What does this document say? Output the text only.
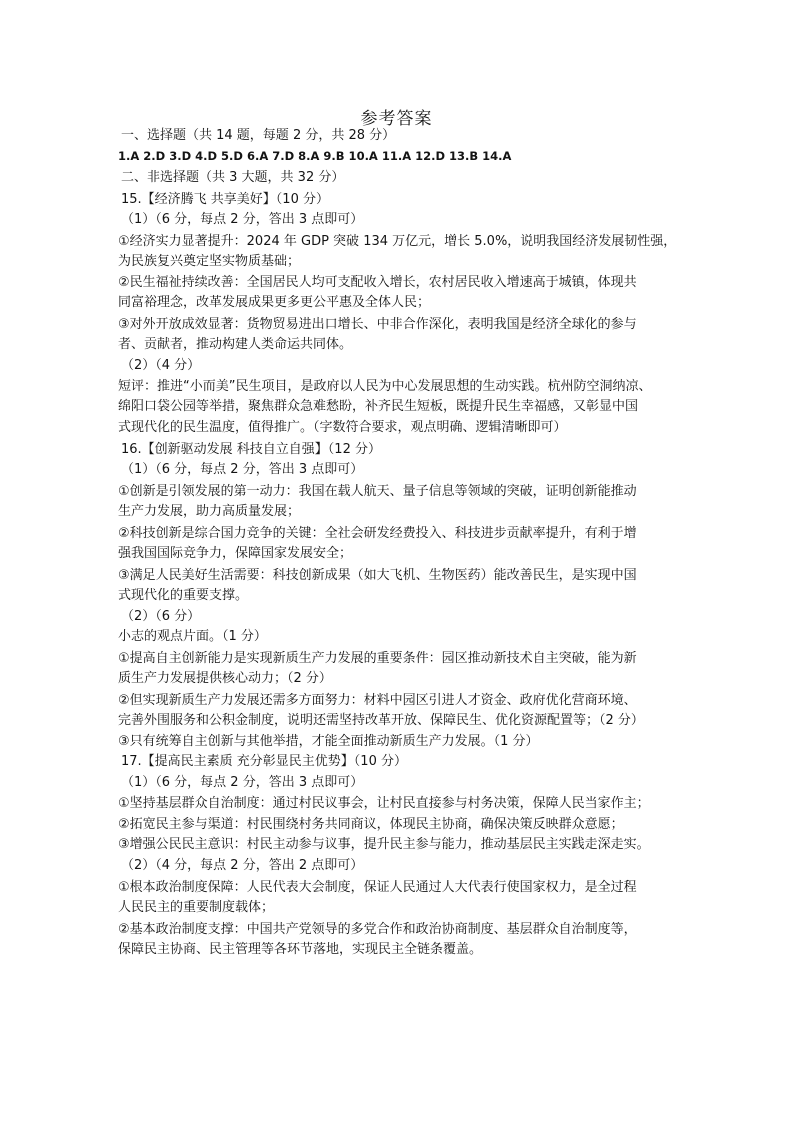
参考答案
一、选择题（共 14 题，每题 2 分，共 28 分）
1.A 2.D 3.D 4.D 5.D 6.A 7.D 8.A 9.B 10.A 11.A 12.D 13.B 14.A
二、非选择题（共 3 大题，共 32 分）
15.【经济腾飞 共享美好】（10 分）
（1）（6 分，每点 2 分，答出 3 点即可）
①经济实力显著提升：2024 年 GDP 突破 134 万亿元，增长 5.0%，说明我国经济发展韧性强，
为民族复兴奠定坚实物质基础；
②民生福祉持续改善：全国居民人均可支配收入增长，农村居民收入增速高于城镇，体现共
同富裕理念，改革发展成果更多更公平惠及全体人民；
③对外开放成效显著：货物贸易进出口增长、中非合作深化，表明我国是经济全球化的参与
者、贡献者，推动构建人类命运共同体。
（2）（4 分）
短评：推进“小而美”民生项目，是政府以人民为中心发展思想的生动实践。杭州防空洞纳凉、
绵阳口袋公园等举措，聚焦群众急难愁盼，补齐民生短板，既提升民生幸福感，又彰显中国
式现代化的民生温度，值得推广。（字数符合要求，观点明确、逻辑清晰即可）
16.【创新驱动发展 科技自立自强】（12 分）
（1）（6 分，每点 2 分，答出 3 点即可）
①创新是引领发展的第一动力：我国在载人航天、量子信息等领域的突破，证明创新能推动
生产力发展，助力高质量发展；
②科技创新是综合国力竞争的关键：全社会研发经费投入、科技进步贡献率提升，有利于增
强我国国际竞争力，保障国家发展安全；
③满足人民美好生活需要：科技创新成果（如大飞机、生物医药）能改善民生，是实现中国
式现代化的重要支撑。
（2）（6 分）
小志的观点片面。（1 分）
①提高自主创新能力是实现新质生产力发展的重要条件：园区推动新技术自主突破，能为新
质生产力发展提供核心动力；（2 分）
②但实现新质生产力发展还需多方面努力：材料中园区引进人才资金、政府优化营商环境、
完善外围服务和公积金制度，说明还需坚持改革开放、保障民生、优化资源配置等；（2 分）
③只有统筹自主创新与其他举措，才能全面推动新质生产力发展。（1 分）
17.【提高民主素质 充分彰显民主优势】（10 分）
（1）（6 分，每点 2 分，答出 3 点即可）
①坚持基层群众自治制度：通过村民议事会，让村民直接参与村务决策，保障人民当家作主；
②拓宽民主参与渠道：村民围绕村务共同商议，体现民主协商，确保决策反映群众意愿；
③增强公民民主意识：村民主动参与议事，提升民主参与能力，推动基层民主实践走深走实。
（2）（4 分，每点 2 分，答出 2 点即可）
①根本政治制度保障：人民代表大会制度，保证人民通过人大代表行使国家权力，是全过程
人民民主的重要制度载体；
②基本政治制度支撑：中国共产党领导的多党合作和政治协商制度、基层群众自治制度等，
保障民主协商、民主管理等各环节落地，实现民主全链条覆盖。
